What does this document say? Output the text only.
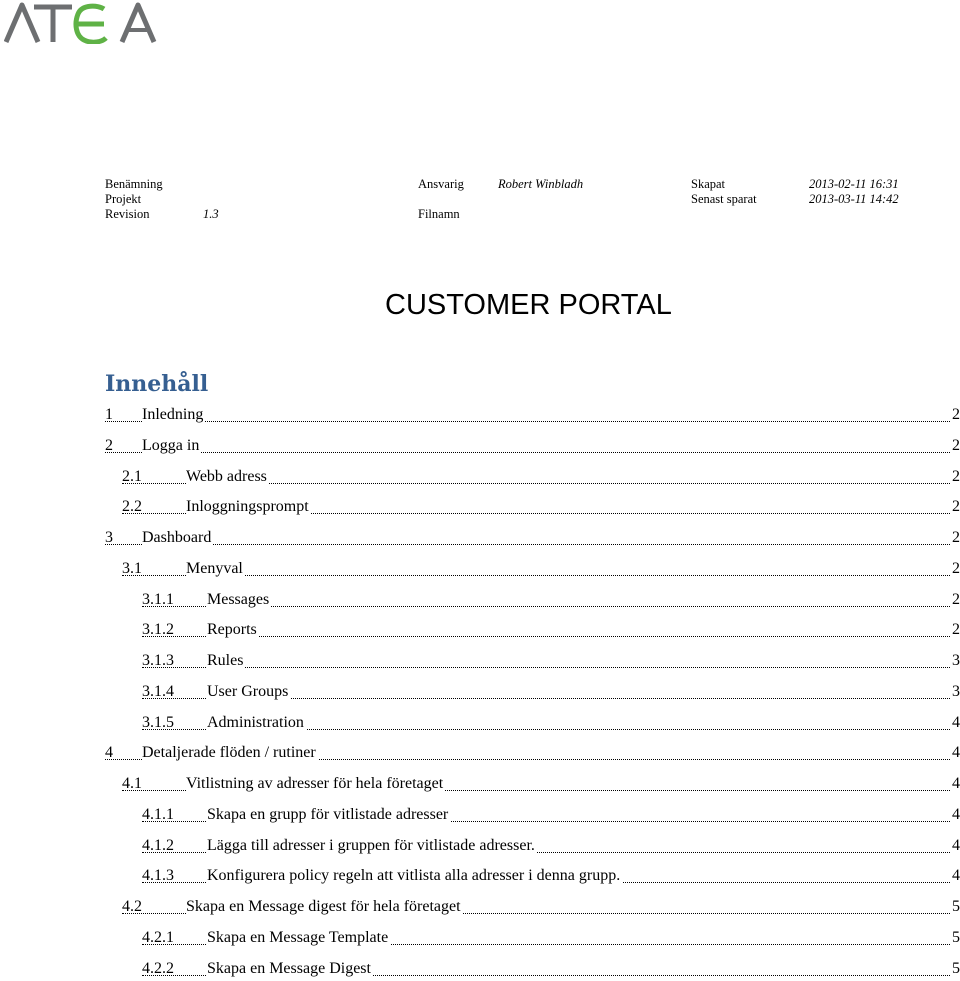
ATEA
Benämning	Ansvarig	Robert Winbladh	Skapat	2013-02-11 16:31
Projekt	Senast sparat	2013-03-11 14:42
Revision	1.3	Filnamn
CUSTOMER PORTAL
Innehåll
1 Inledning	2
2 Logga in	2
2.1	Webb adress	2
2.2	Inloggningsprompt	2
3 Dashboard	2
3.1	Menyval	2
3.1.1 Messages	2
3.1.2 Reports	2
3.1.3 Rules	3
3.1.4 User Groups	3
3.1.5 Administration	4
4 Detaljerade flöden / rutiner	4
4.1	Vitlistning av adresser för hela företaget	4
4.1.1 Skapa en grupp för vitlistade adresser	4
4.1.2 Lägga till adresser i gruppen för vitlistade adresser.	4
4.1.3 Konfigurera policy regeln att vitlista alla adresser i denna grupp.	4
4.2	Skapa en Message digest för hela företaget	5
4.2.1 Skapa en Message Template	5
4.2.2 Skapa en Message Digest	5
